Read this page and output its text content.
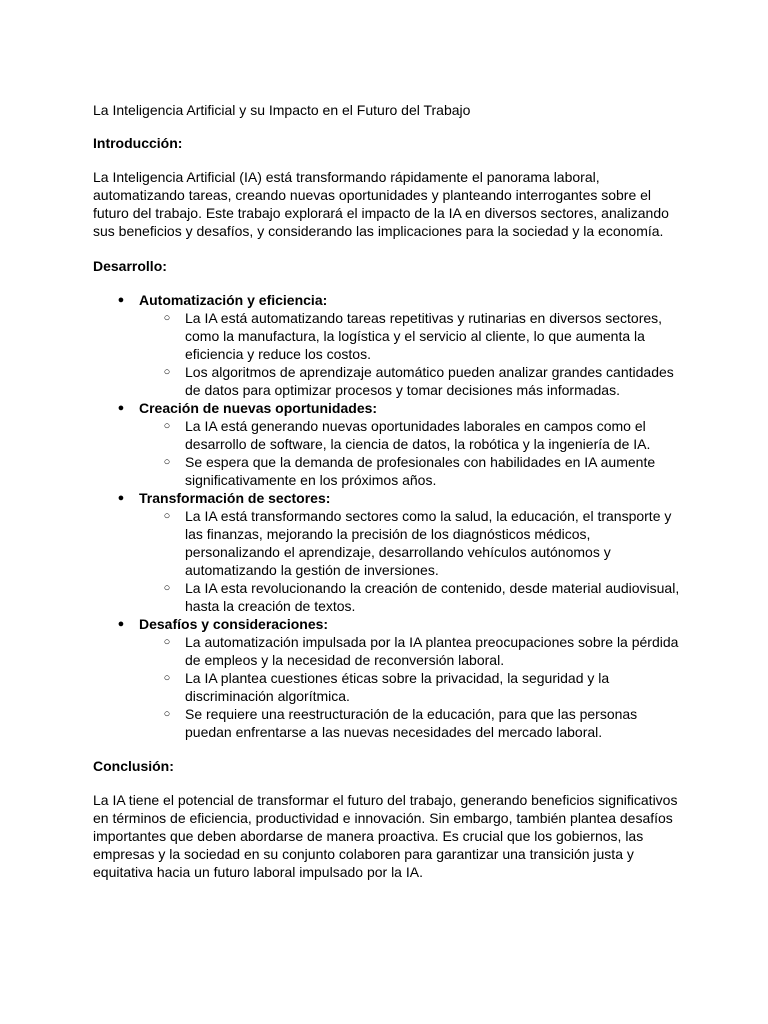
La Inteligencia Artificial y su Impacto en el Futuro del Trabajo

Introducción:

La Inteligencia Artificial (IA) está transformando rápidamente el panorama laboral, automatizando tareas, creando nuevas oportunidades y planteando interrogantes sobre el futuro del trabajo. Este trabajo explorará el impacto de la IA en diversos sectores, analizando sus beneficios y desafíos, y considerando las implicaciones para la sociedad y la economía.

Desarrollo:

● Automatización y eficiencia:
○ La IA está automatizando tareas repetitivas y rutinarias en diversos sectores, como la manufactura, la logística y el servicio al cliente, lo que aumenta la eficiencia y reduce los costos.
○ Los algoritmos de aprendizaje automático pueden analizar grandes cantidades de datos para optimizar procesos y tomar decisiones más informadas.
● Creación de nuevas oportunidades:
○ La IA está generando nuevas oportunidades laborales en campos como el desarrollo de software, la ciencia de datos, la robótica y la ingeniería de IA.
○ Se espera que la demanda de profesionales con habilidades en IA aumente significativamente en los próximos años.
● Transformación de sectores:
○ La IA está transformando sectores como la salud, la educación, el transporte y las finanzas, mejorando la precisión de los diagnósticos médicos, personalizando el aprendizaje, desarrollando vehículos autónomos y automatizando la gestión de inversiones.
○ La IA esta revolucionando la creación de contenido, desde material audiovisual, hasta la creación de textos.
● Desafíos y consideraciones:
○ La automatización impulsada por la IA plantea preocupaciones sobre la pérdida de empleos y la necesidad de reconversión laboral.
○ La IA plantea cuestiones éticas sobre la privacidad, la seguridad y la discriminación algorítmica.
○ Se requiere una reestructuración de la educación, para que las personas puedan enfrentarse a las nuevas necesidades del mercado laboral.

Conclusión:

La IA tiene el potencial de transformar el futuro del trabajo, generando beneficios significativos en términos de eficiencia, productividad e innovación. Sin embargo, también plantea desafíos importantes que deben abordarse de manera proactiva. Es crucial que los gobiernos, las empresas y la sociedad en su conjunto colaboren para garantizar una transición justa y equitativa hacia un futuro laboral impulsado por la IA.
